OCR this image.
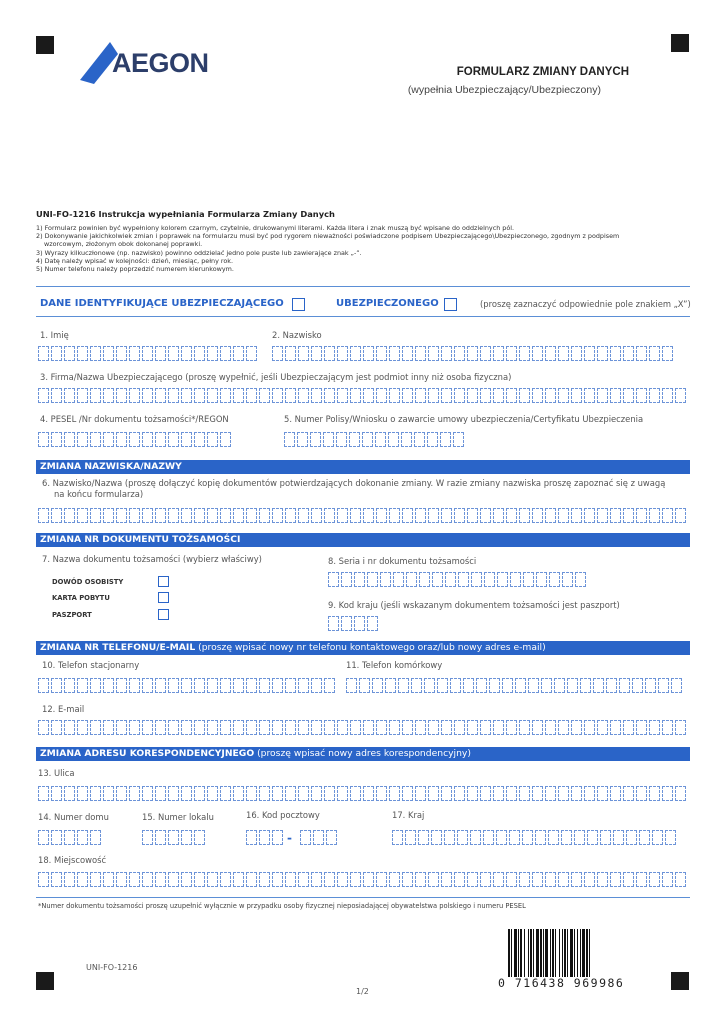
AEGON	FORMULARZ ZMIANY DANYCH
(wypełnia Ubezpieczający/Ubezpieczony)
UNI-FO-1216 Instrukcja wypełniania Formularza Zmiany Danych
1) Formularz powinien być wypełniony kolorem czarnym, czytelnie, drukowanymi literami. Każda litera i znak muszą być wpisane do oddzielnych pól.
2) Dokonywanie jakichkolwiek zmian i poprawek na formularzu musi być pod rygorem nieważności poświadczone podpisem Ubezpieczającego\Ubezpieczonego, zgodnym z podpisem
wzorcowym, złożonym obok dokonanej poprawki.
3) Wyrazy kilkuczłonowe (np. nazwisko) powinno oddzielać jedno pole puste lub zawierające znak „-”.
4) Datę należy wpisać w kolejności: dzień, miesiąc, pełny rok.
5) Numer telefonu należy poprzedzić numerem kierunkowym.
DANE IDENTYFIKUJĄCE UBEZPIECZAJĄCEGO	UBEZPIECZONEGO	(proszę zaznaczyć odpowiednie pole znakiem „X”)
1. Imię	2. Nazwisko
3. Firma/Nazwa Ubezpieczającego (proszę wypełnić, jeśli Ubezpieczającym jest podmiot inny niż osoba fizyczna)
4. PESEL /Nr dokumentu tożsamości*/REGON	5. Numer Polisy/Wniosku o zawarcie umowy ubezpieczenia/Certyfikatu Ubezpieczenia
ZMIANA NAZWISKA/NAZWY
6. Nazwisko/Nazwa (proszę dołączyć kopię dokumentów potwierdzających dokonanie zmiany. W razie zmiany nazwiska proszę zapoznać się z uwagą
na końcu formularza)
ZMIANA NR DOKUMENTU TOŻSAMOŚCI
7. Nazwa dokumentu tożsamości (wybierz właściwy)
DOWÓD OSOBISTY
KARTA POBYTU
PASZPORT
8. Seria i nr dokumentu tożsamości
9. Kod kraju (jeśli wskazanym dokumentem tożsamości jest paszport)
ZMIANA NR TELEFONU/E-MAIL (proszę wpisać nowy nr telefonu kontaktowego oraz/lub nowy adres e-mail)
10. Telefon stacjonarny	11. Telefon komórkowy
12. E-mail
ZMIANA ADRESU KORESPONDENCYJNEGO (proszę wpisać nowy adres korespondencyjny)
13. Ulica
14. Numer domu	15. Numer lokalu	16. Kod pocztowy	17. Kraj
-
18. Miejscowość
*Numer dokumentu tożsamości proszę uzupełnić wyłącznie w przypadku osoby fizycznej nieposiadającej obywatelstwa polskiego i numeru PESEL
UNI-FO-1216
1/2
0 716438 969986
